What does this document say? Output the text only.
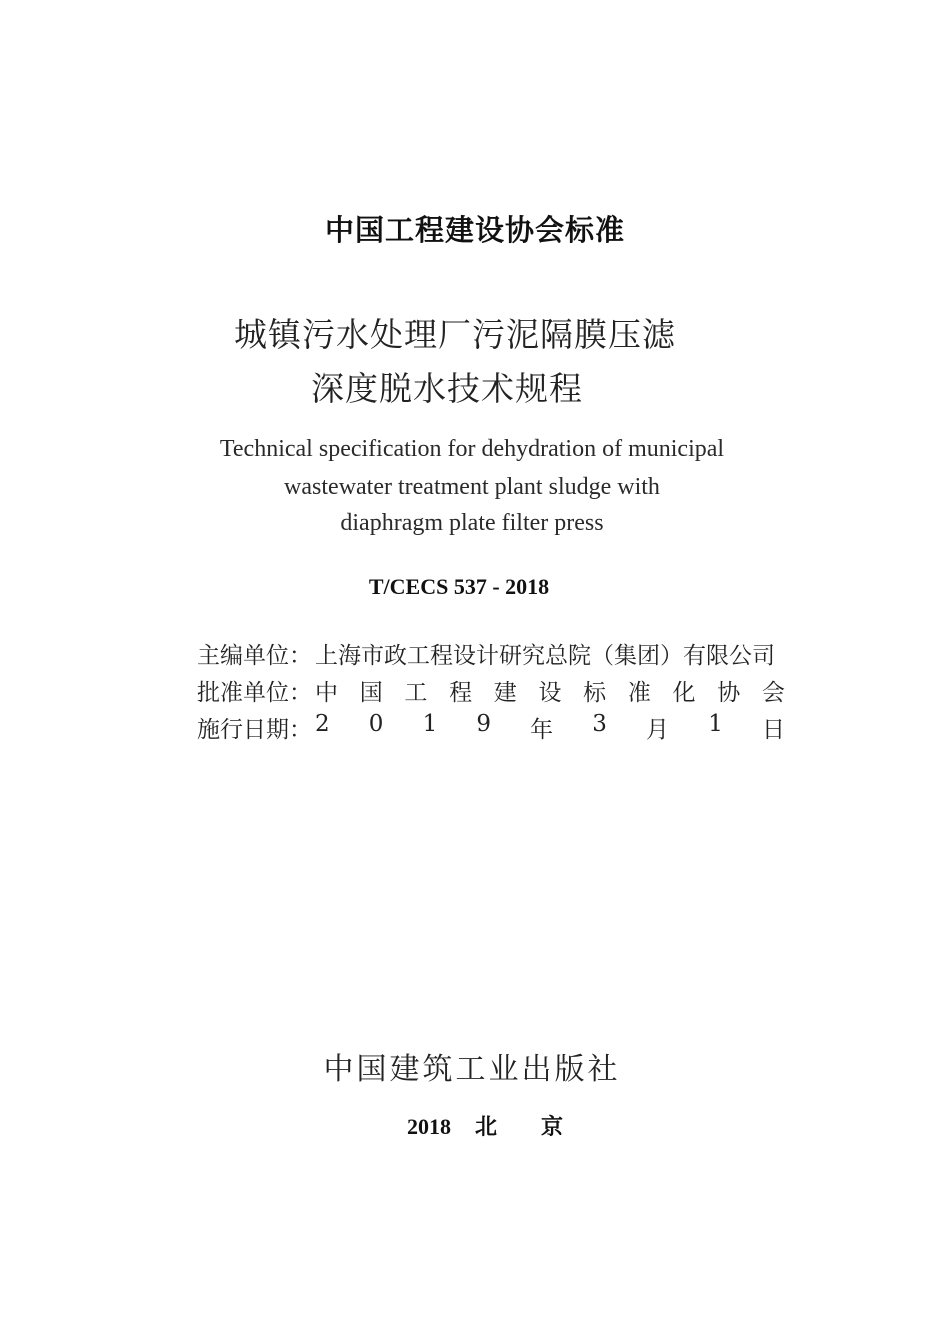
中国工程建设协会标准
城镇污水处理厂污泥隔膜压滤
深度脱水技术规程
Technical specification for dehydration of municipal
wastewater treatment plant sludge with
diaphragm plate filter press
T/CECS 537 - 2018
主编单位： 上海市政工程设计研究总院（集团）有限公司
批准单位： 中 国 工 程 建 设 标 准 化 协 会
施行日期： 2 0 1 9 年 3 月 1 日
中国建筑工业出版社
2018 北京
